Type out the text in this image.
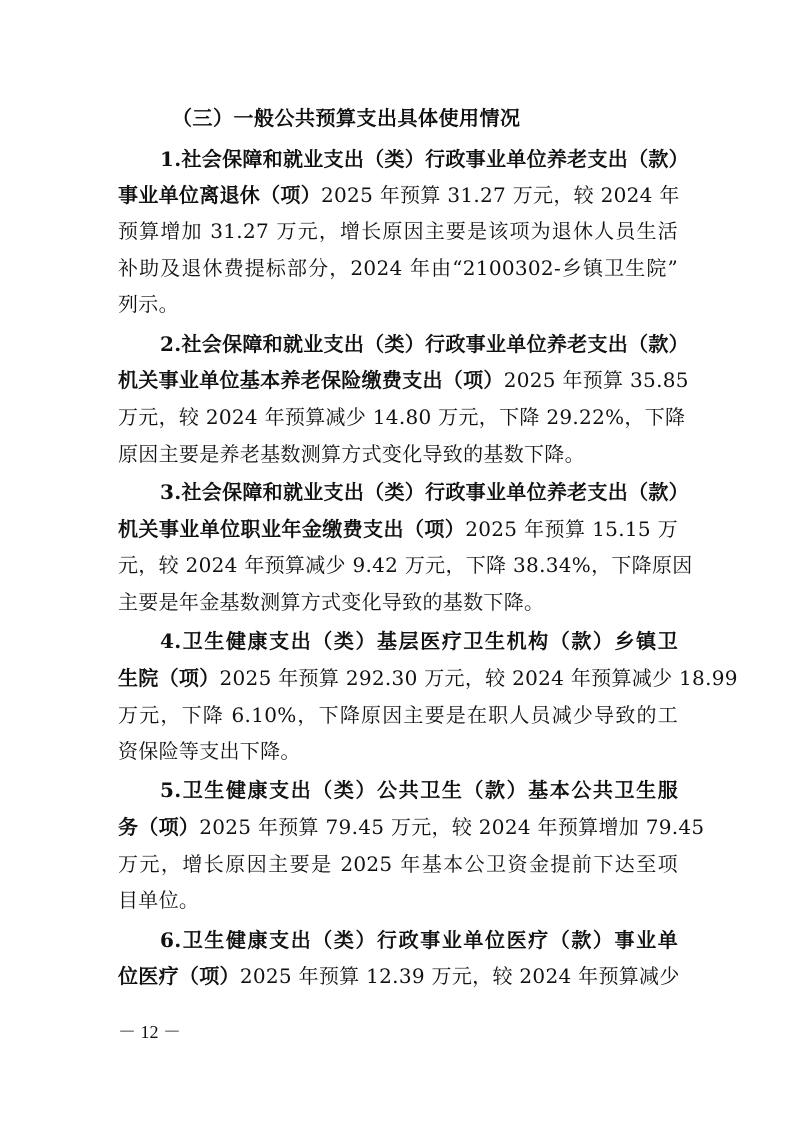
（三）一般公共预算支出具体使用情况
1.社会保障和就业支出（类）行政事业单位养老支出（款）
事业单位离退休（项）2025 年预算 31.27 万元，较 2024 年
预算增加 31.27 万元，增长原因主要是该项为退休人员生活
补助及退休费提标部分，2024 年由“2100302-乡镇卫生院”
列示。
2.社会保障和就业支出（类）行政事业单位养老支出（款）
机关事业单位基本养老保险缴费支出（项）2025 年预算 35.85
万元，较 2024 年预算减少 14.80 万元，下降 29.22%，下降
原因主要是养老基数测算方式变化导致的基数下降。
3.社会保障和就业支出（类）行政事业单位养老支出（款）
机关事业单位职业年金缴费支出（项）2025 年预算 15.15 万
元，较 2024 年预算减少 9.42 万元，下降 38.34%，下降原因
主要是年金基数测算方式变化导致的基数下降。
4.卫生健康支出（类）基层医疗卫生机构（款）乡镇卫
生院（项）2025 年预算 292.30 万元，较 2024 年预算减少 18.99
万元，下降 6.10%，下降原因主要是在职人员减少导致的工
资保险等支出下降。
5.卫生健康支出（类）公共卫生（款）基本公共卫生服
务（项）2025 年预算 79.45 万元，较 2024 年预算增加 79.45
万元，增长原因主要是 2025 年基本公卫资金提前下达至项
目单位。
6.卫生健康支出（类）行政事业单位医疗（款）事业单
位医疗（项）2025 年预算 12.39 万元，较 2024 年预算减少
－ 12 －
